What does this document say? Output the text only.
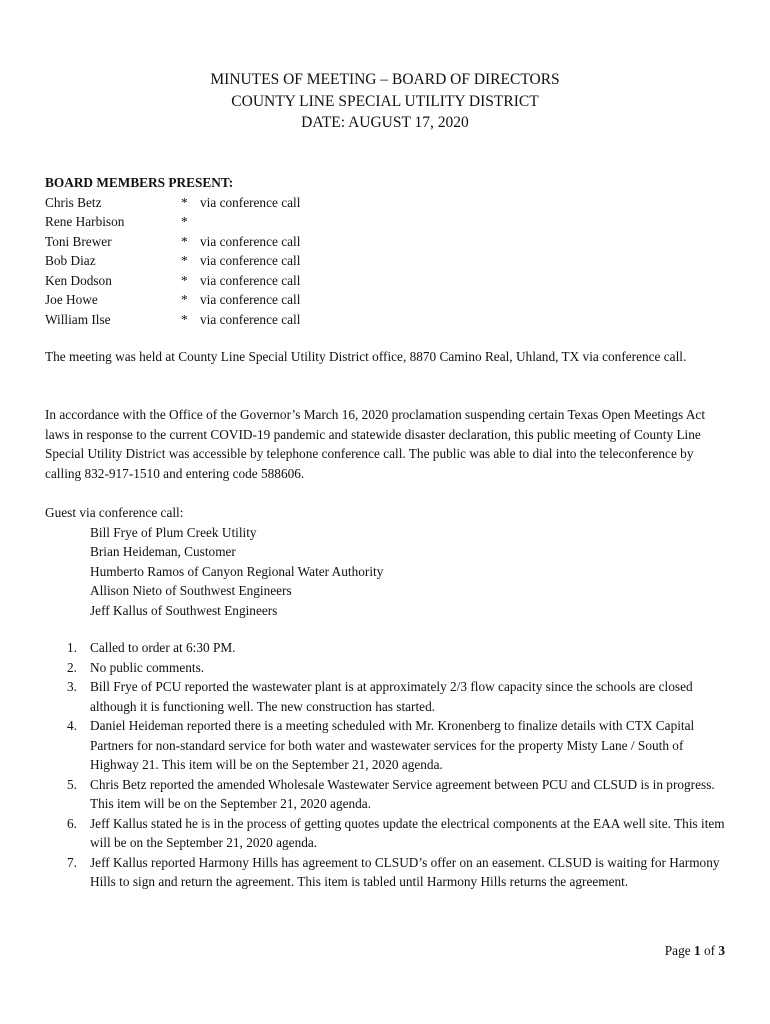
MINUTES OF MEETING – BOARD OF DIRECTORS
COUNTY LINE SPECIAL UTILITY DISTRICT
DATE: AUGUST 17, 2020
BOARD MEMBERS PRESENT:
Chris Betz	* via conference call
Rene Harbison	*
Toni Brewer	* via conference call
Bob Diaz	* via conference call
Ken Dodson	* via conference call
Joe Howe	* via conference call
William Ilse	* via conference call

The meeting was held at County Line Special Utility District office, 8870 Camino Real, Uhland, TX via conference call.

In accordance with the Office of the Governor’s March 16, 2020 proclamation suspending certain Texas Open Meetings Act laws in response to the current COVID-19 pandemic and statewide disaster declaration, this public meeting of County Line Special Utility District was accessible by telephone conference call. The public was able to dial into the teleconference by calling 832-917-1510 and entering code 588606.

Guest via conference call:
Bill Frye of Plum Creek Utility
Brian Heideman, Customer
Humberto Ramos of Canyon Regional Water Authority
Allison Nieto of Southwest Engineers
Jeff Kallus of Southwest Engineers
1. Called to order at 6:30 PM.
2. No public comments.
3. Bill Frye of PCU reported the wastewater plant is at approximately 2/3 flow capacity since the schools are closed although it is functioning well. The new construction has started.
4. Daniel Heideman reported there is a meeting scheduled with Mr. Kronenberg to finalize details with CTX Capital Partners for non-standard service for both water and wastewater services for the property Misty Lane / South of Highway 21. This item will be on the September 21, 2020 agenda.
5. Chris Betz reported the amended Wholesale Wastewater Service agreement between PCU and CLSUD is in progress. This item will be on the September 21, 2020 agenda.
6. Jeff Kallus stated he is in the process of getting quotes update the electrical components at the EAA well site. This item will be on the September 21, 2020 agenda.
7. Jeff Kallus reported Harmony Hills has agreement to CLSUD’s offer on an easement. CLSUD is waiting for Harmony Hills to sign and return the agreement. This item is tabled until Harmony Hills returns the agreement.
Page 1 of 3
